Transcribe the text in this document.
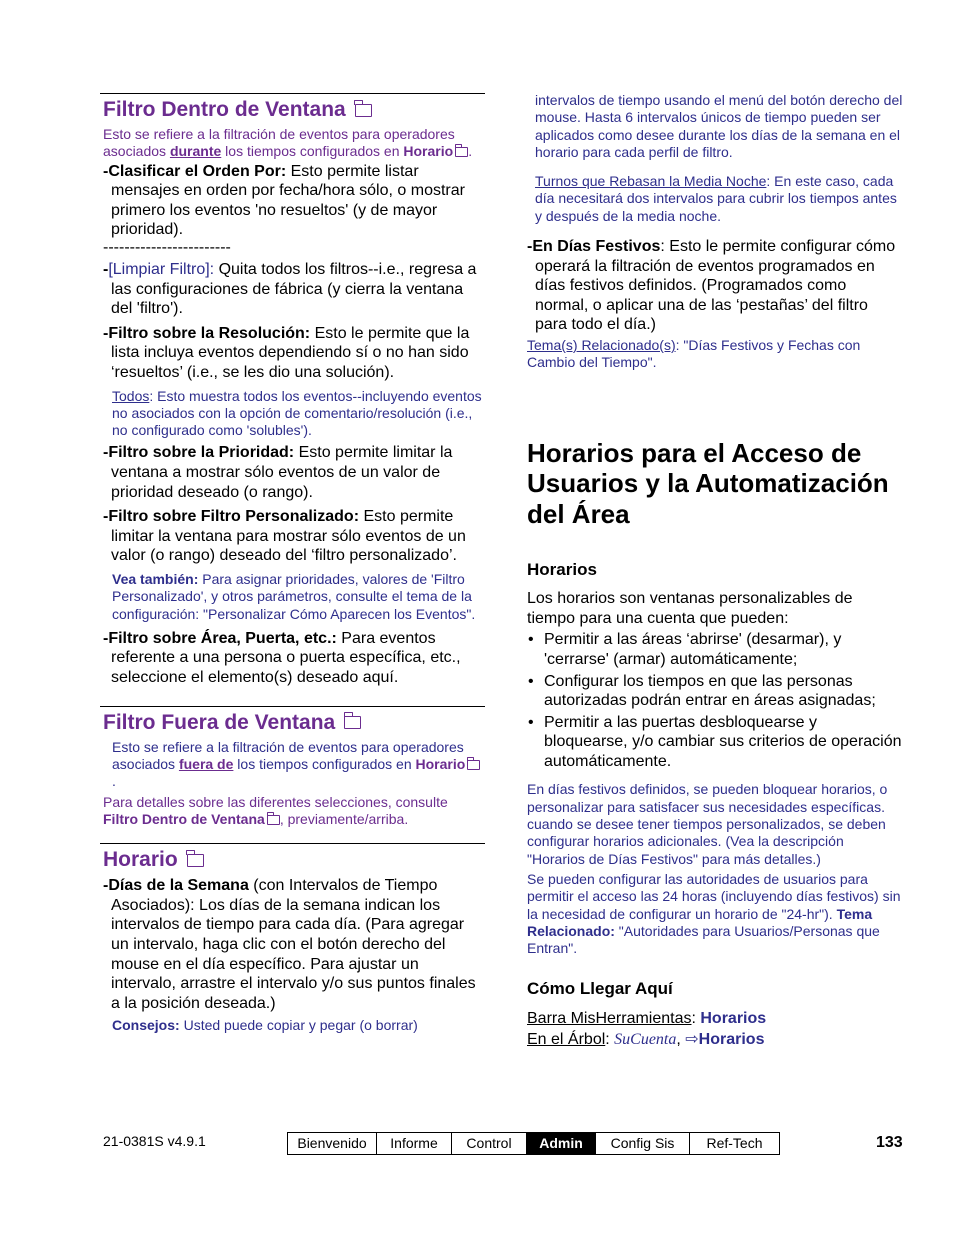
Filtro Dentro de Ventana
Esto se refiere a la filtración de eventos para operadores asociados durante los tiempos configurados en Horario .
-Clasificar el Orden Por: Esto permite listar mensajes en orden por fecha/hora sólo, o mostrar primero los eventos 'no resueltos' (y de mayor prioridad).
------------------------
-[Limpiar Filtro]: Quita todos los filtros--i.e., regresa a las configuraciones de fábrica (y cierra la ventana del 'filtro').
-Filtro sobre la Resolución: Esto le permite que la lista incluya eventos dependiendo sí o no han sido ‘resueltos’ (i.e., se les dio una solución).
Todos: Esto muestra todos los eventos--incluyendo eventos no asociados con la opción de comentario/resolución (i.e., no configurado como 'solubles').
-Filtro sobre la Prioridad: Esto permite limitar la ventana a mostrar sólo eventos de un valor de prioridad deseado (o rango).
-Filtro sobre Filtro Personalizado: Esto permite limitar la ventana para mostrar sólo eventos de un valor (o rango) deseado del ‘filtro personalizado’.
Vea también: Para asignar prioridades, valores de 'Filtro Personalizado', y otros parámetros, consulte el tema de la configuración: "Personalizar Cómo Aparecen los Eventos".
-Filtro sobre Área, Puerta, etc.: Para eventos referente a una persona o puerta específica, etc., seleccione el elemento(s) deseado aquí.
Filtro Fuera de Ventana
Esto se refiere a la filtración de eventos para operadores asociados fuera de los tiempos configurados en Horario.
Para detalles sobre las diferentes selecciones, consulte Filtro Dentro de Ventana , previamente/arriba.
Horario
-Días de la Semana (con Intervalos de Tiempo Asociados): Los días de la semana indican los intervalos de tiempo para cada día. (Para agregar un intervalo, haga clic con el botón derecho del mouse en el día específico. Para ajustar un intervalo, arrastre el intervalo y/o sus puntos finales a la posición deseada.)
Consejos: Usted puede copiar y pegar (o borrar)
intervalos de tiempo usando el menú del botón derecho del mouse. Hasta 6 intervalos únicos de tiempo pueden ser aplicados como desee durante los días de la semana en el horario para cada perfil de filtro.
Turnos que Rebasan la Media Noche: En este caso, cada día necesitará dos intervalos para cubrir los tiempos antes y después de la media noche.
-En Días Festivos: Esto le permite configurar cómo operará la filtración de eventos programados en días festivos definidos. (Programados como normal, o aplicar una de las ‘pestañas’ del filtro para todo el día.)
Tema(s) Relacionado(s): "Días Festivos y Fechas con Cambio del Tiempo".
Horarios para el Acceso de Usuarios y la Automatización del Área
Horarios
Los horarios son ventanas personalizables de tiempo para una cuenta que pueden:
• Permitir a las áreas ‘abrirse' (desarmar), y 'cerrarse' (armar) automáticamente;
• Configurar los tiempos en que las personas autorizadas podrán entrar en áreas asignadas;
• Permitir a las puertas desbloquearse y bloquearse, y/o cambiar sus criterios de operación automáticamente.
En días festivos definidos, se pueden bloquear horarios, o personalizar para satisfacer sus necesidades específicas. cuando se desee tener tiempos personalizados, se deben configurar horarios adicionales. (Vea la descripción "Horarios de Días Festivos" para más detalles.)
Se pueden configurar las autoridades de usuarios para permitir el acceso las 24 horas (incluyendo días festivos) sin la necesidad de configurar un horario de "24-hr"). Tema Relacionado: "Autoridades para Usuarios/Personas que Entran".
Cómo Llegar Aquí
Barra MisHerramientas: Horarios
En el Árbol: SuCuenta, ⇨Horarios
21-0381S v4.9.1	Bienvenido	Informe	Control	Admin	Config Sis	Ref-Tech	133
